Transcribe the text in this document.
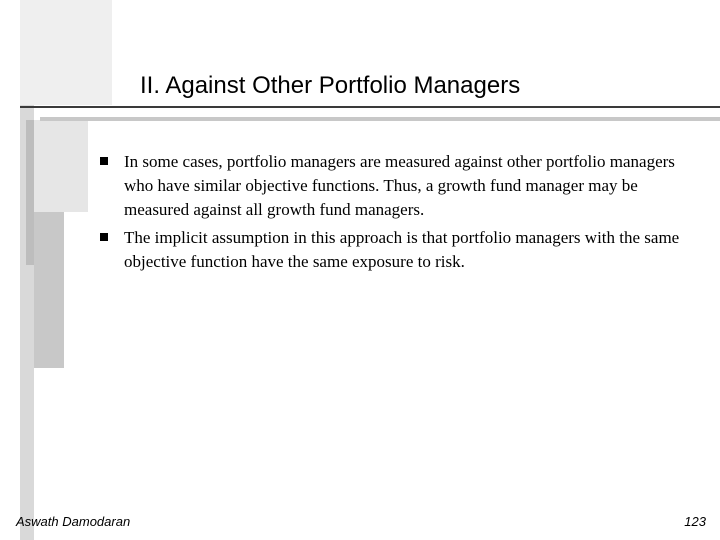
II. Against Other Portfolio Managers
In some cases, portfolio managers are measured against other portfolio managers who have similar objective functions. Thus, a growth fund manager may be measured against all growth fund managers.
The implicit assumption in this approach is that portfolio managers with the same objective function have the same exposure to risk.
Aswath Damodaran	123
